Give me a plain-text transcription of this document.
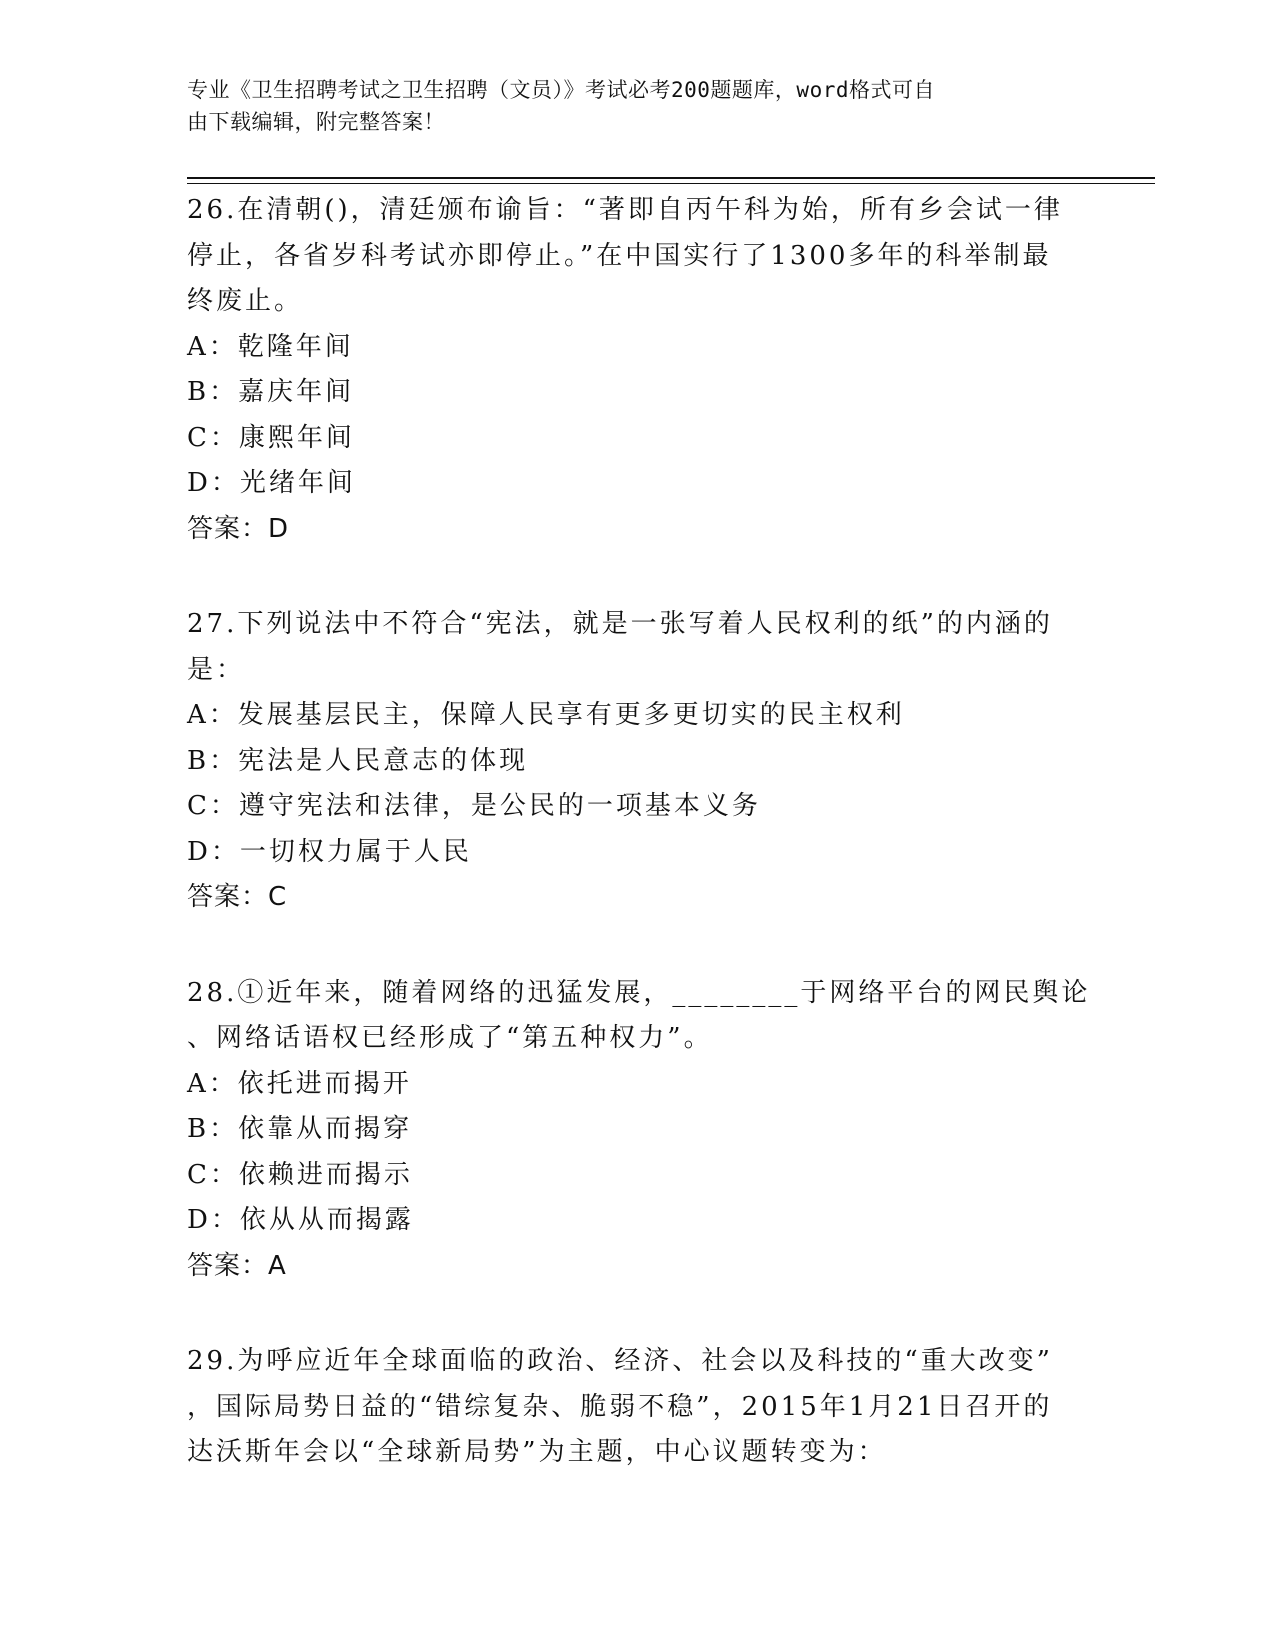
专业《卫生招聘考试之卫生招聘（文员）》考试必考200题题库，word格式可自
由下载编辑，附完整答案！
26.在清朝()，清廷颁布谕旨：“著即自丙午科为始，所有乡会试一律
停止，各省岁科考试亦即停止。”在中国实行了1300多年的科举制最
终废止。
A：乾隆年间
B：嘉庆年间
C：康熙年间
D：光绪年间
答案：D
27.下列说法中不符合“宪法，就是一张写着人民权利的纸”的内涵的
是：
A：发展基层民主，保障人民享有更多更切实的民主权利
B：宪法是人民意志的体现
C：遵守宪法和法律，是公民的一项基本义务
D：一切权力属于人民
答案：C
28.①近年来，随着网络的迅猛发展，________于网络平台的网民舆论
、网络话语权已经形成了“第五种权力”。
A：依托进而揭开
B：依靠从而揭穿
C：依赖进而揭示
D：依从从而揭露
答案：A
29.为呼应近年全球面临的政治、经济、社会以及科技的“重大改变”
，国际局势日益的“错综复杂、脆弱不稳”，2015年1月21日召开的
达沃斯年会以“全球新局势”为主题，中心议题转变为：
